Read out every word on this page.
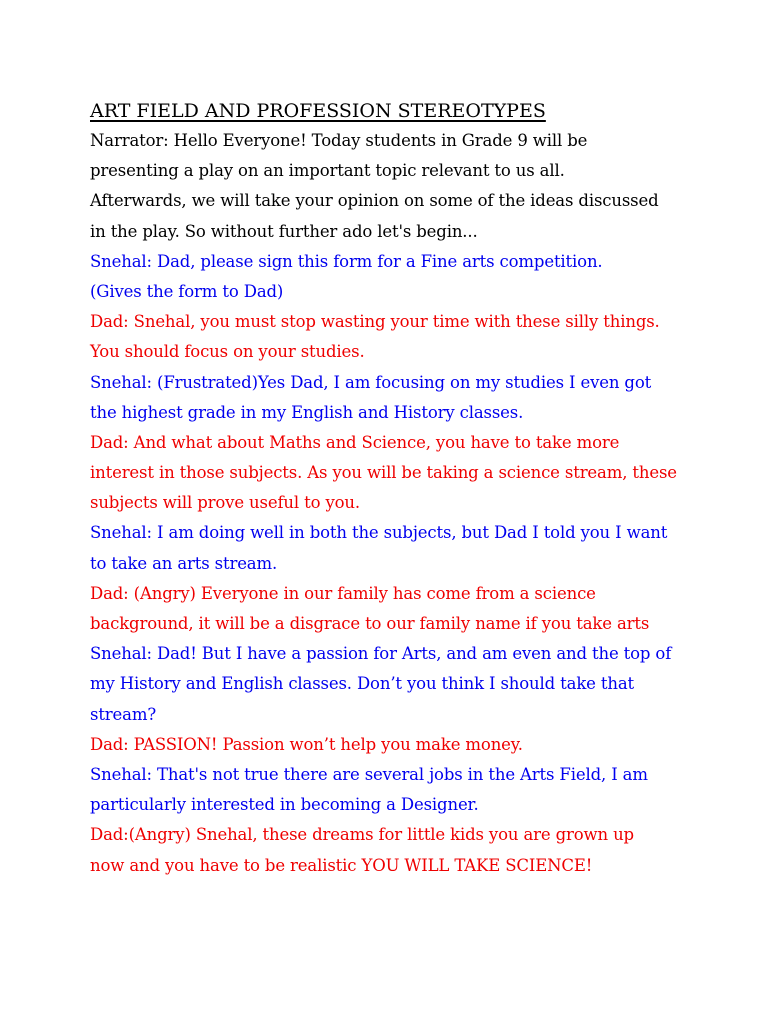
ART FIELD AND PROFESSION STEREOTYPES
Narrator: Hello Everyone! Today students in Grade 9 will be
presenting a play on an important topic relevant to us all.
Afterwards, we will take your opinion on some of the ideas discussed
in the play. So without further ado let's begin...
Snehal: Dad, please sign this form for a Fine arts competition.
(Gives the form to Dad)
Dad: Snehal, you must stop wasting your time with these silly things.
You should focus on your studies.
Snehal: (Frustrated)Yes Dad, I am focusing on my studies I even got
the highest grade in my English and History classes.
Dad: And what about Maths and Science, you have to take more
interest in those subjects. As you will be taking a science stream, these
subjects will prove useful to you.
Snehal: I am doing well in both the subjects, but Dad I told you I want
to take an arts stream.
Dad: (Angry) Everyone in our family has come from a science
background, it will be a disgrace to our family name if you take arts
Snehal: Dad! But I have a passion for Arts, and am even and the top of
my History and English classes. Don’t you think I should take that
stream?
Dad: PASSION! Passion won’t help you make money.
Snehal: That's not true there are several jobs in the Arts Field, I am
particularly interested in becoming a Designer.
Dad:(Angry) Snehal, these dreams for little kids you are grown up
now and you have to be realistic YOU WILL TAKE SCIENCE!
